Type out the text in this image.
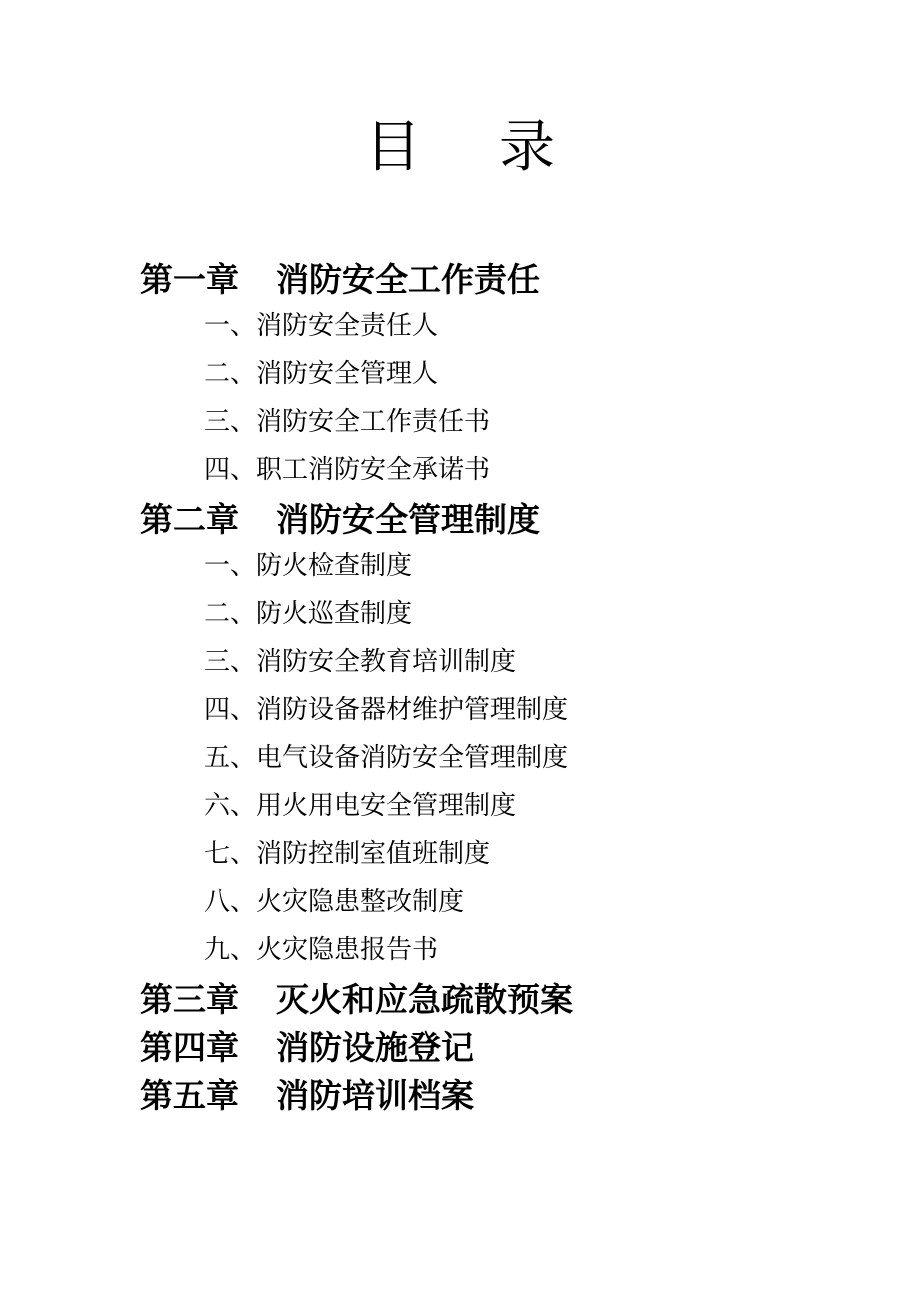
目 录
第一章 消防安全工作责任
一、消防安全责任人
二、消防安全管理人
三、消防安全工作责任书
四、职工消防安全承诺书
第二章 消防安全管理制度
一、防火检查制度
二、防火巡查制度
三、消防安全教育培训制度
四、消防设备器材维护管理制度
五、电气设备消防安全管理制度
六、用火用电安全管理制度
七、消防控制室值班制度
八、火灾隐患整改制度
九、火灾隐患报告书
第三章 灭火和应急疏散预案
第四章 消防设施登记
第五章 消防培训档案
